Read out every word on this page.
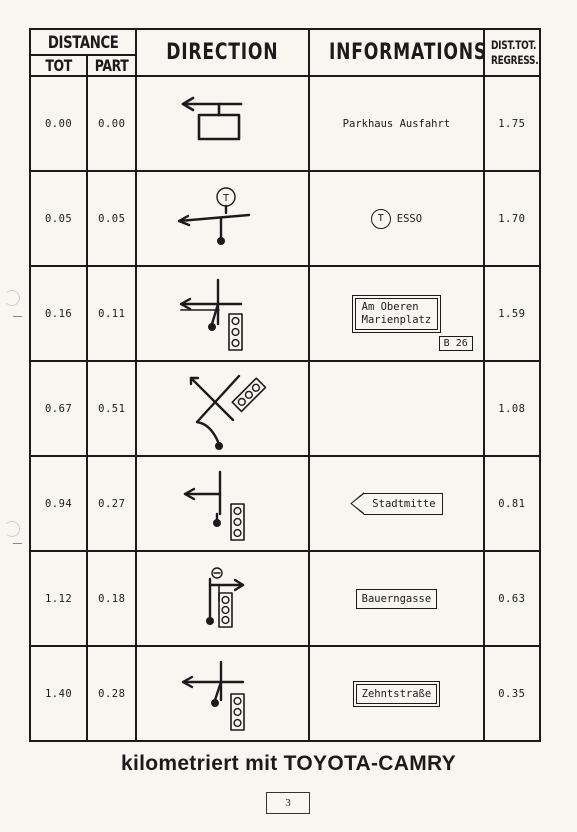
DISTANCE		DIRECTION	INFORMATIONS	DIST.TOT.
REGRESS.

TOT	PART			
0.00	0.00		Parkhaus Ausfahrt	1.75
0.05	0.05	T	T ESSO	1.70
0.16	0.11		Am Oberen
Marienplatz
B 26	1.59
0.67	0.51			1.08
0.94	0.27		Stadtmitte	0.81
1.12	0.18		Bauerngasse	0.63
1.40	0.28		Zehntstraße	0.35
kilometriert mit TOYOTA-CAMRY
3
